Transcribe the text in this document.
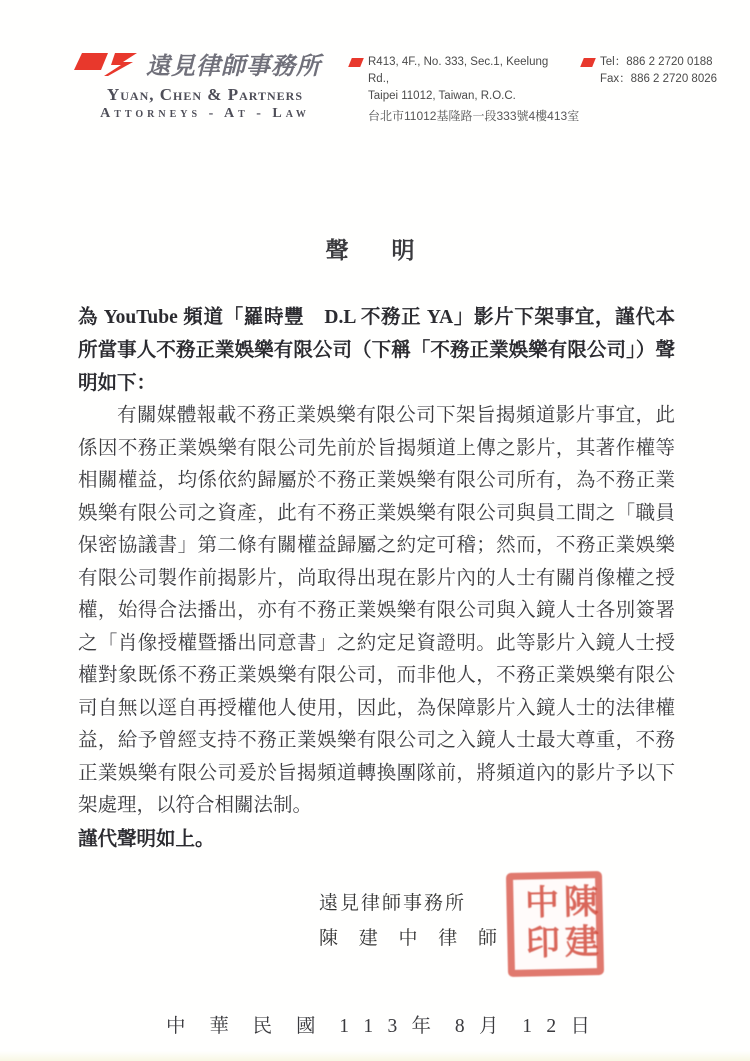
遠見律師事務所
Yuan, Chen & Partners
Attorneys - At - Law
R413, 4F., No. 333, Sec.1, Keelung Rd.,
Taipei 11012, Taiwan, R.O.C.
台北市11012基隆路一段333號4樓413室
Tel：886 2 2720 0188
Fax：886 2 2720 8026
聲　明

為 YouTube 頻道「羅時豐　D.L 不務正 YA」影片下架事宜，謹代本所當事人不務正業娛樂有限公司（下稱「不務正業娛樂有限公司」）聲明如下：

有關媒體報載不務正業娛樂有限公司下架旨揭頻道影片事宜，此係因不務正業娛樂有限公司先前於旨揭頻道上傳之影片，其著作權等相關權益，均係依約歸屬於不務正業娛樂有限公司所有，為不務正業娛樂有限公司之資產，此有不務正業娛樂有限公司與員工間之「職員保密協議書」第二條有關權益歸屬之約定可稽；然而，不務正業娛樂有限公司製作前揭影片，尚取得出現在影片內的人士有關肖像權之授權，始得合法播出，亦有不務正業娛樂有限公司與入鏡人士各別簽署之「肖像授權暨播出同意書」之約定足資證明。此等影片入鏡人士授權對象既係不務正業娛樂有限公司，而非他人，不務正業娛樂有限公司自無以逕自再授權他人使用，因此，為保障影片入鏡人士的法律權益，給予曾經支持不務正業娛樂有限公司之入鏡人士最大尊重，不務正業娛樂有限公司爰於旨揭頻道轉換團隊前，將頻道內的影片予以下架處理，以符合相關法制。

謹代聲明如上。

遠見律師事務所
陳 建 中 律 師 中印 陳建
中 華 民 國 1 1 3 年 8 月 1 2 日
